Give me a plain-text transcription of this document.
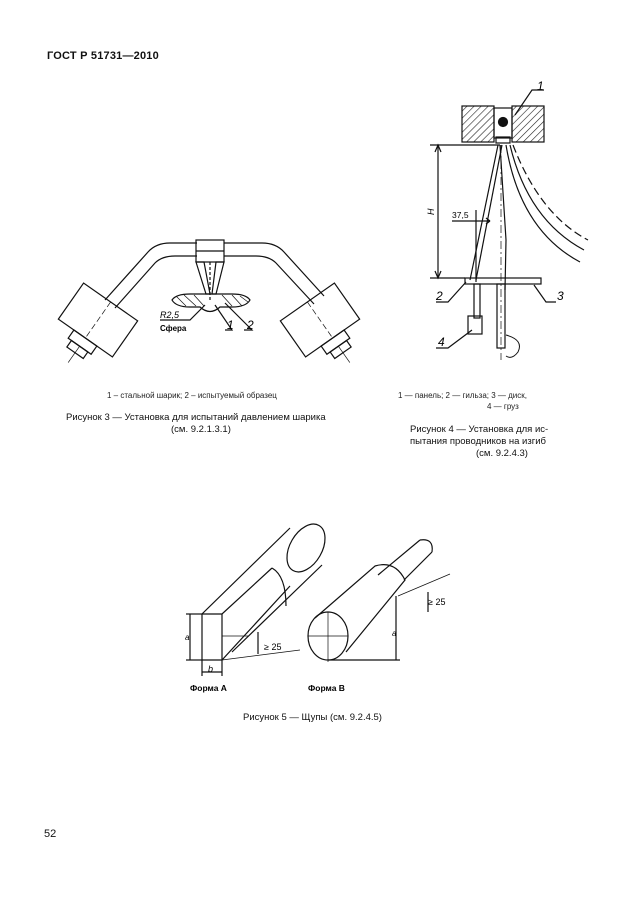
ГОСТ Р 51731—2010
R2,5
Сфера	1 2
1
2	3
4
H 37,5
1 – стальной шарик; 2 – испытуемый образец
Рисунок 3 — Установка для испытаний давлением шарика
(см. 9.2.1.3.1)
1 — панель; 2 — гильза; 3 — диск,
4 — груз
Рисунок 4 — Установка для ис-
пытания проводников на изгиб
(см. 9.2.4.3)
a
b
≥ 25
a
≥ 25
Форма А	Форма В
Рисунок 5 — Щупы (см. 9.2.4.5)
52
